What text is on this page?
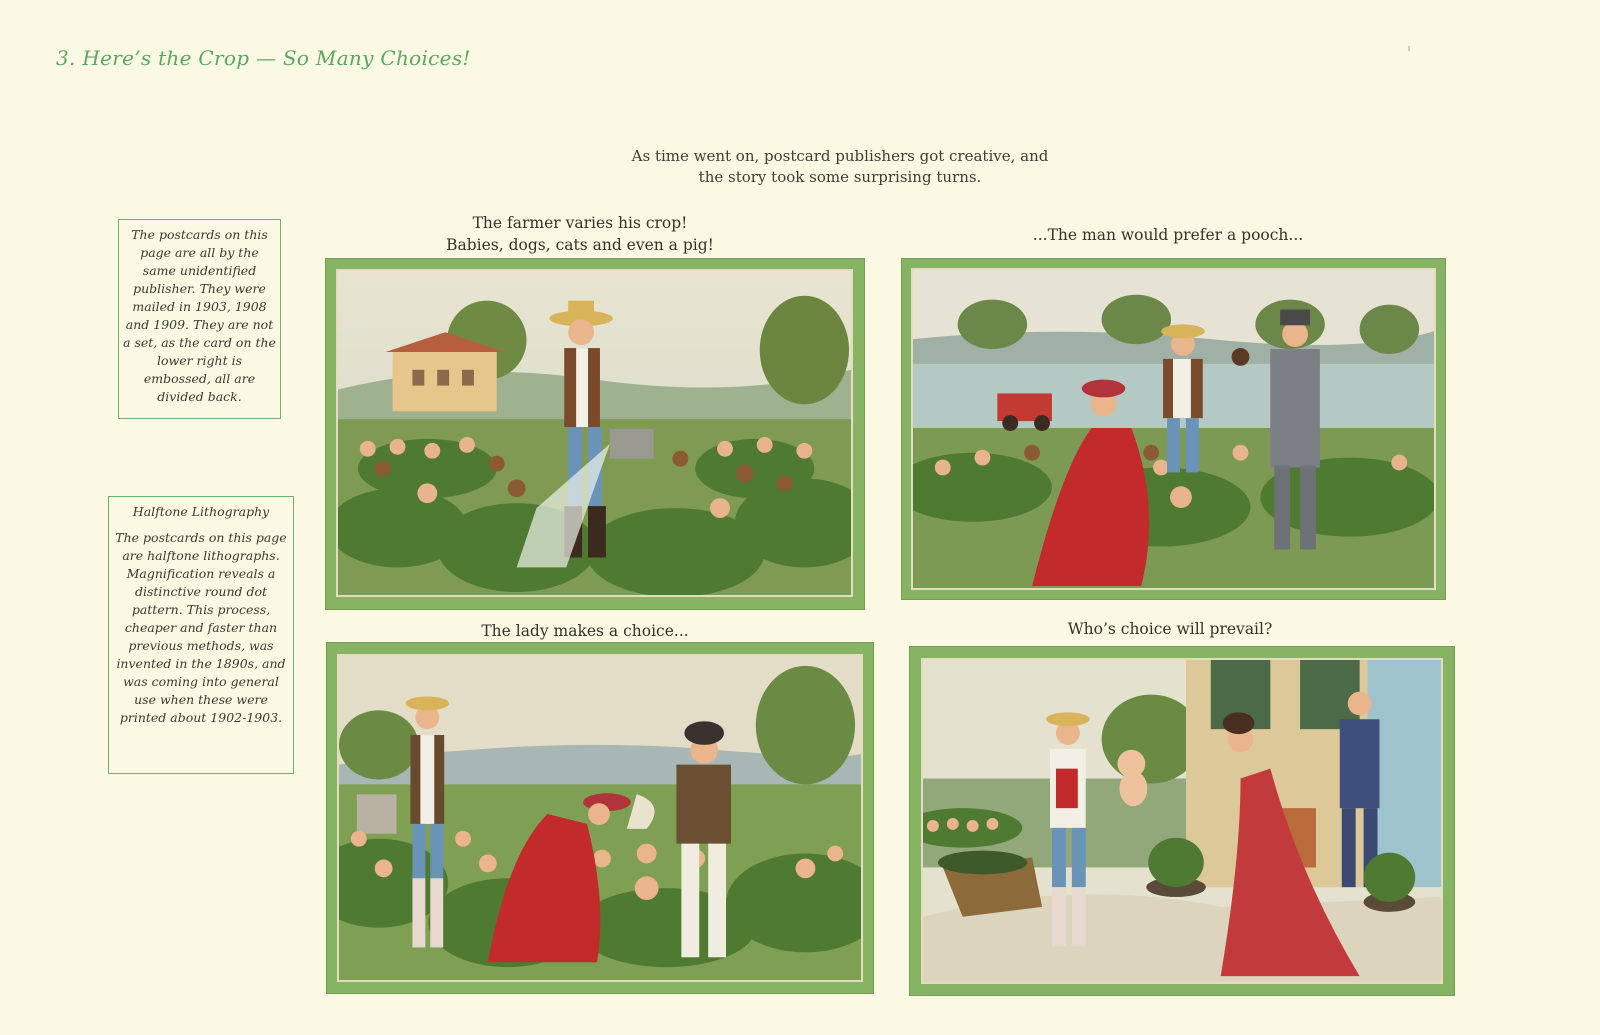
3. Here’s the Crop — So Many Choices!
As time went on, postcard publishers got creative, and
the story took some surprising turns.
The postcards on this page are all by the same unidentified publisher. They were mailed in 1903, 1908 and 1909. They are not a set, as the card on the lower right is embossed, all are divided back.
Halftone Lithography
The postcards on this page are halftone lithographs. Magnification reveals a distinctive round dot pattern. This process, cheaper and faster than previous methods, was invented in the 1890s, and was coming into general use when these were printed about 1902-1903.
The farmer varies his crop!
Babies, dogs, cats and even a pig!
...The man would prefer a pooch...
The lady makes a choice...	Who’s choice will prevail?
